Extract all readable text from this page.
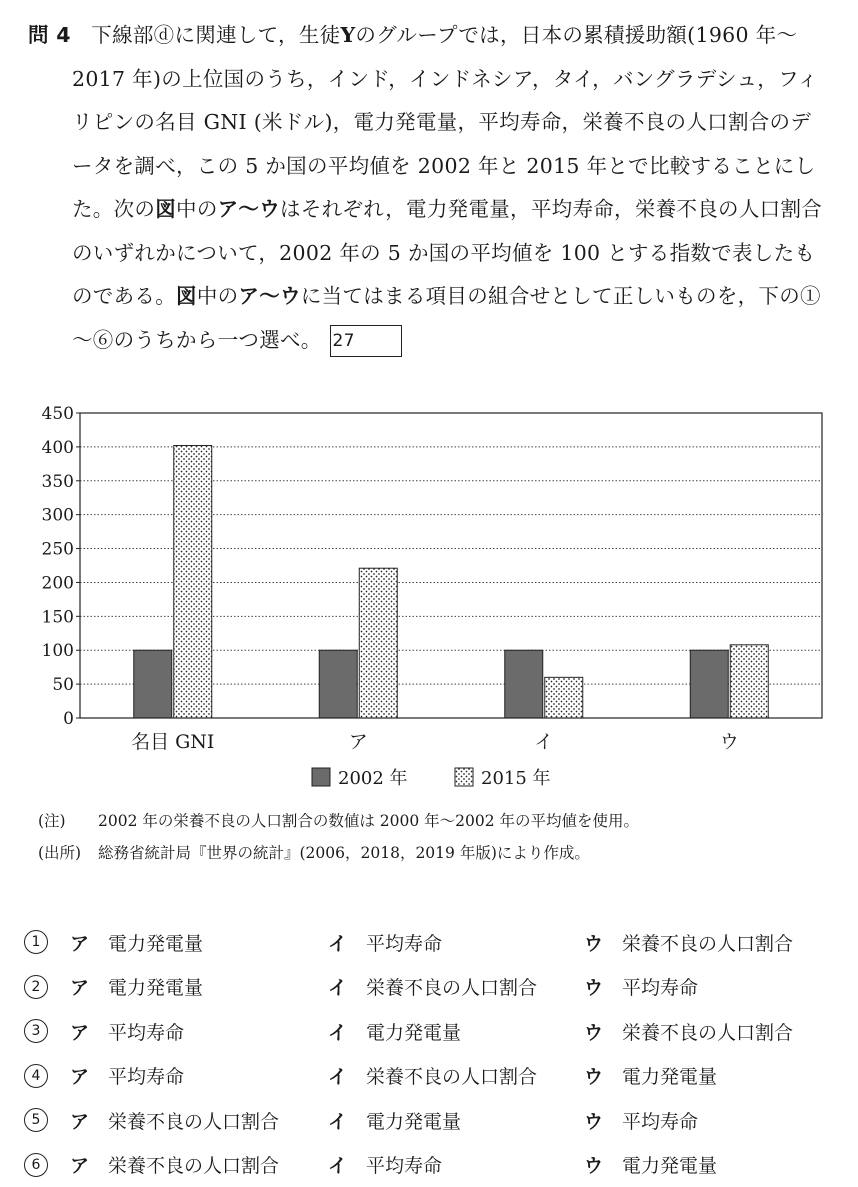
問 4 下線部ⓓに関連して，生徒Yのグループでは，日本の累積援助額(1960 年～2017 年)の上位国のうち，インド，インドネシア，タイ，バングラデシュ，フィリピンの名目 GNI (米ドル)，電力発電量，平均寿命，栄養不良の人口割合のデータを調べ，この 5 か国の平均値を 2002 年と 2015 年とで比較することにした。次の図中のア～ウはそれぞれ，電力発電量，平均寿命，栄養不良の人口割合のいずれかについて，2002 年の 5 か国の平均値を 100 とする指数で表したものである。図中のア～ウに当てはまる項目の組合せとして正しいものを，下の①～⑥のうちから一つ選べ。 27
0
50
100
150
200
250
300
350
400
450
名目 GNI	ア	イ	ウ
2002 年	2015 年
(注) 2002 年の栄養不良の人口割合の数値は 2000 年～2002 年の平均値を使用。
(出所) 総務省統計局『世界の統計』(2006，2018，2019 年版)により作成。
1	ア 電力発電量	イ 平均寿命	ウ 栄養不良の人口割合
2	ア 電力発電量	イ 栄養不良の人口割合	ウ 平均寿命
3	ア 平均寿命	イ 電力発電量	ウ 栄養不良の人口割合
4	ア 平均寿命	イ 栄養不良の人口割合	ウ 電力発電量
5	ア 栄養不良の人口割合	イ 電力発電量	ウ 平均寿命
6	ア 栄養不良の人口割合	イ 平均寿命	ウ 電力発電量
